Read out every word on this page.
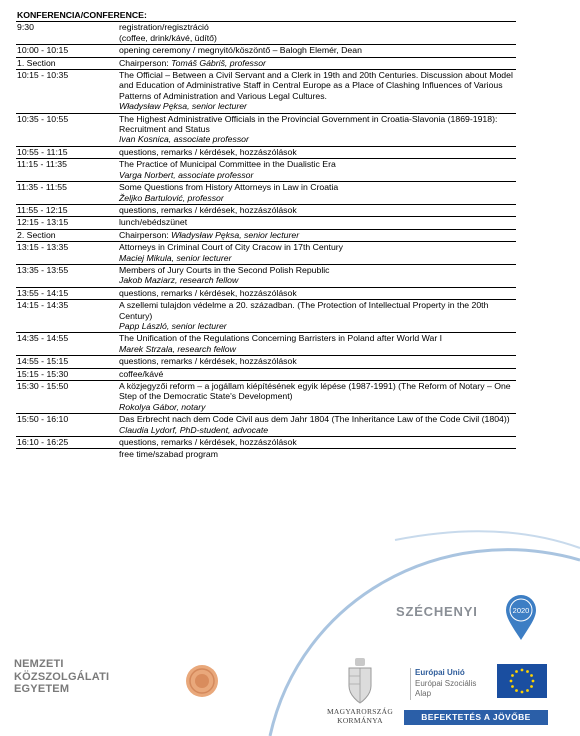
KONFERENCIA/CONFERENCE:
9:30	registration/regisztráció
(coffee, drink/kávé, üdítő)
10:00 - 10:15	opening ceremony / megnyitó/köszöntő – Balogh Elemér, Dean
1. Section	Chairperson: Tomáš Gábriš, professor
10:15 - 10:35	The Official – Between a Civil Servant and a Clerk in 19th and 20th Centuries. Discussion about Model and Education of Administrative Staff in Central Europe as a Place of Clashing Influences of Various Patterns of Administration and Various Legal Cultures.
Władysław Pęksa, senior lecturer
10:35 - 10:55	The Highest Administrative Officials in the Provincial Government in Croatia-Slavonia (1869-1918): Recruitment and Status
Ivan Kosnica, associate professor
10:55 - 11:15	questions, remarks / kérdések, hozzászólások
11:15 - 11:35	The Practice of Municipal Committee in the Dualistic Era
Varga Norbert, associate professor
11:35 - 11:55	Some Questions from History Attorneys in Law in Croatia
Željko Bartulović, professor
11:55 - 12:15	questions, remarks / kérdések, hozzászólások
12:15 - 13:15	lunch/ebédszünet
2. Section	Chairperson: Władysław Pęksa, senior lecturer
13:15 - 13:35	Attorneys in Criminal Court of City Cracow in 17th Century
Maciej Mikula, senior lecturer
13:35 - 13:55	Members of Jury Courts in the Second Polish Republic
Jakob Maziarz, research fellow
13:55 - 14:15	questions, remarks / kérdések, hozzászólások
14:15 - 14:35	A szellemi tulajdon védelme a 20. században. (The Protection of Intellectual Property in the 20th Century)
Papp László, senior lecturer
14:35 - 14:55	The Unification of the Regulations Concerning Barristers in Poland after World War I
Marek Strzala, research fellow
14:55 - 15:15	questions, remarks / kérdések, hozzászólások
15:15 - 15:30	coffee/kávé
15:30 - 15:50	A közjegyzői reform – a jogállam kiépítésének egyik lépése (1987-1991) (The Reform of Notary – One Step of the Democratic State's Development)
Rokolya Gábor, notary
15:50 - 16:10	Das Erbrecht nach dem Code Civil aus dem Jahr 1804 (The Inheritance Law of the Code Civil (1804))
Claudia Lydorf, PhD-student, advocate
16:10 - 16:25	questions, remarks / kérdések, hozzászólások
free time/szabad program
SZÉCHENYI	2020
NEMZETI
KÖZSZOLGÁLATI
EGYETEM
MAGYARORSZÁG
KORMÁNYA
Európai Unió
Európai Szociális
Alap
BEFEKTETÉS A JÖVŐBE
